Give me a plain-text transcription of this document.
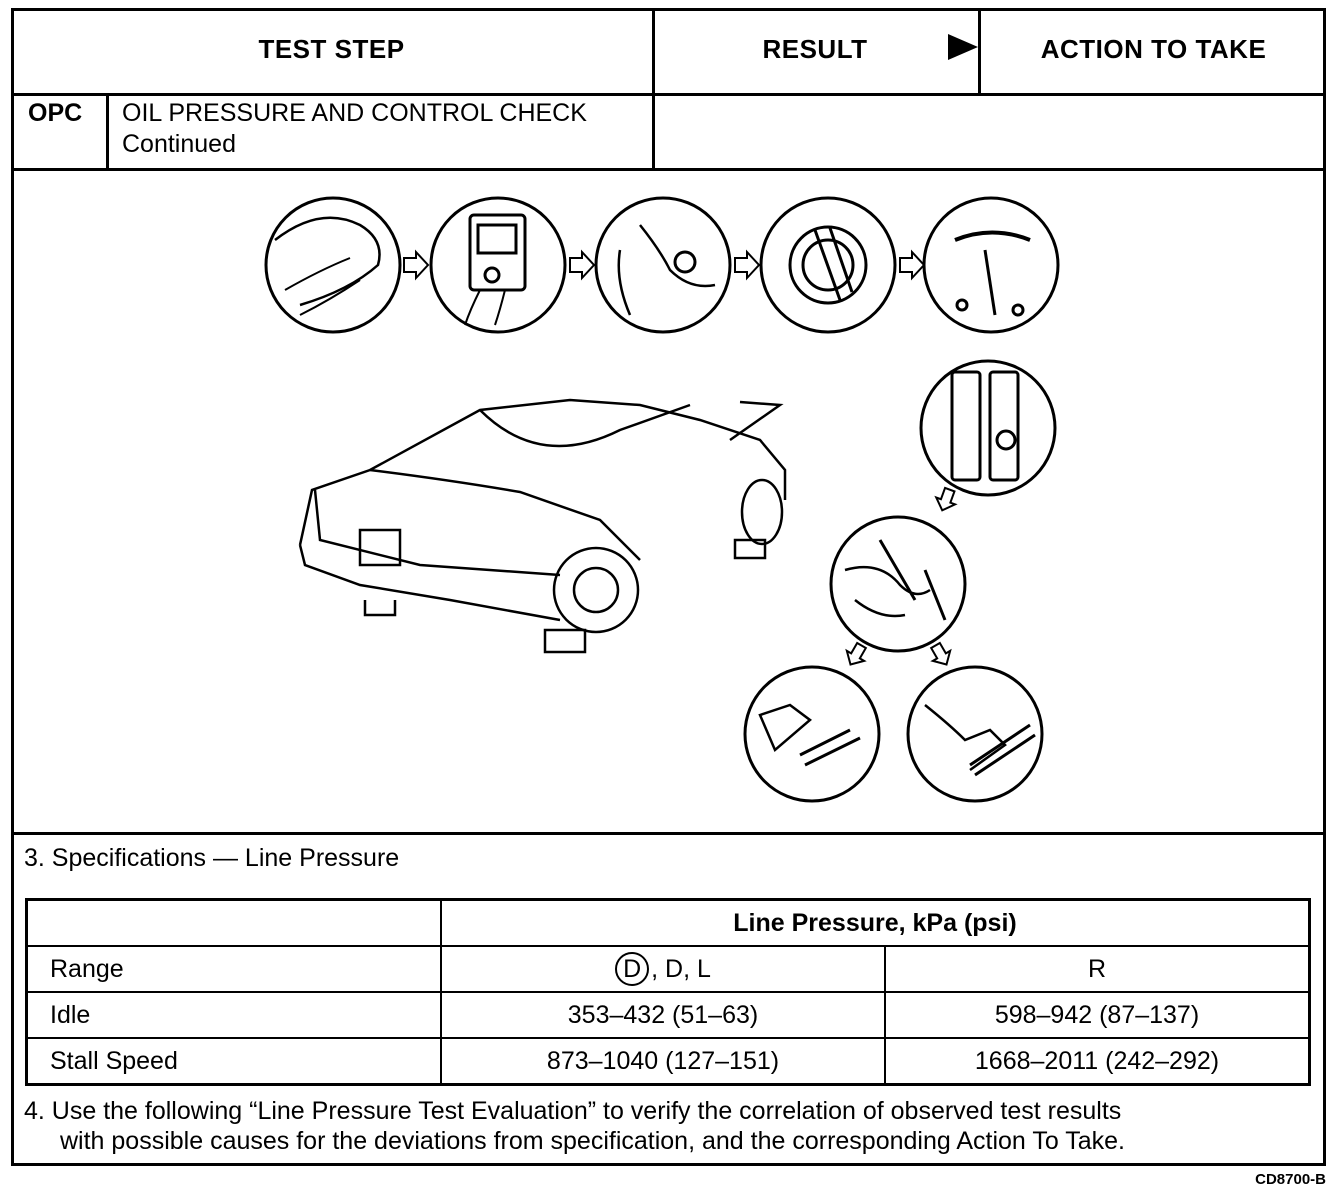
TEST STEP	RESULT	ACTION TO TAKE
OPC OIL PRESSURE AND CONTROL CHECK
Continued
3. Specifications — Line Pressure
	Line Pressure, kPa (psi)	
Range	D , D, L	R
Idle	353–432 (51–63)	598–942 (87–137)
Stall Speed	873–1040 (127–151)	1668–2011 (242–292)
4. Use the following “Line Pressure Test Evaluation” to verify the correlation of observed test results
with possible causes for the deviations from specification, and the corresponding Action To Take.
CD8700-B
